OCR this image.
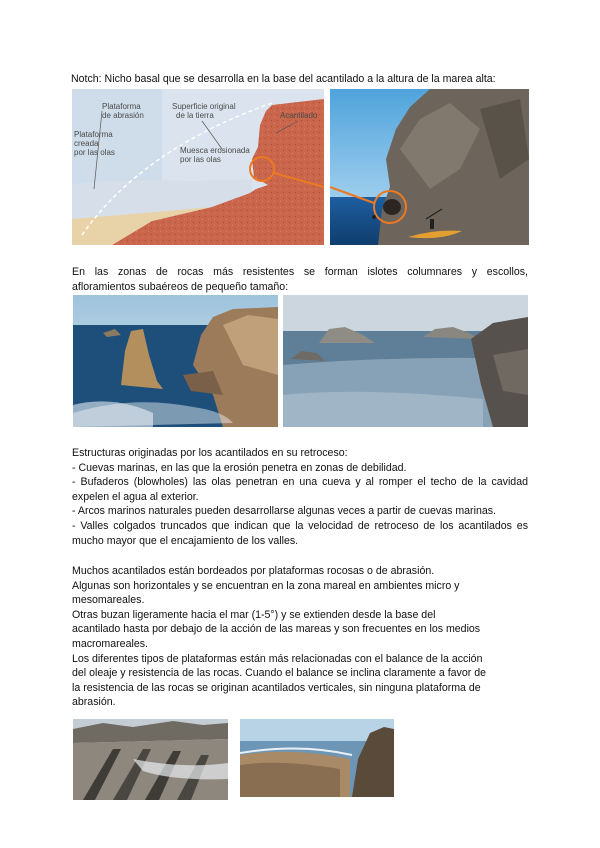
Notch: Nicho basal que se desarrolla en la base del acantilado a la altura de la marea alta:
Plataforma
de abrasión
Superficie original
de la tierra	Acantilado
Plataforma
creada
por las olas	Muesca erosionada
por las olas
En las zonas de rocas más resistentes se forman islotes columnares y escollos,
afloramientos subaéreos de pequeño tamaño:
Estructuras originadas por los acantilados en su retroceso:
- Cuevas marinas, en las que la erosión penetra en zonas de debilidad.
- Bufaderos (blowholes) las olas penetran en una cueva y al romper el techo de la cavidad
expelen el agua al exterior.
- Arcos marinos naturales pueden desarrollarse algunas veces a partir de cuevas marinas.
- Valles colgados truncados que indican que la velocidad de retroceso de los acantilados es
mucho mayor que el encajamiento de los valles.
Muchos acantilados están bordeados por plataformas rocosas o de abrasión.
Algunas son horizontales y se encuentran en la zona mareal en ambientes micro y
mesomareales.
Otras buzan ligeramente hacia el mar (1-5°) y se extienden desde la base del
acantilado hasta por debajo de la acción de las mareas y son frecuentes en los medios
macromareales.
Los diferentes tipos de plataformas están más relacionadas con el balance de la acción
del oleaje y resistencia de las rocas. Cuando el balance se inclina claramente a favor de
la resistencia de las rocas se originan acantilados verticales, sin ninguna plataforma de
abrasión.
